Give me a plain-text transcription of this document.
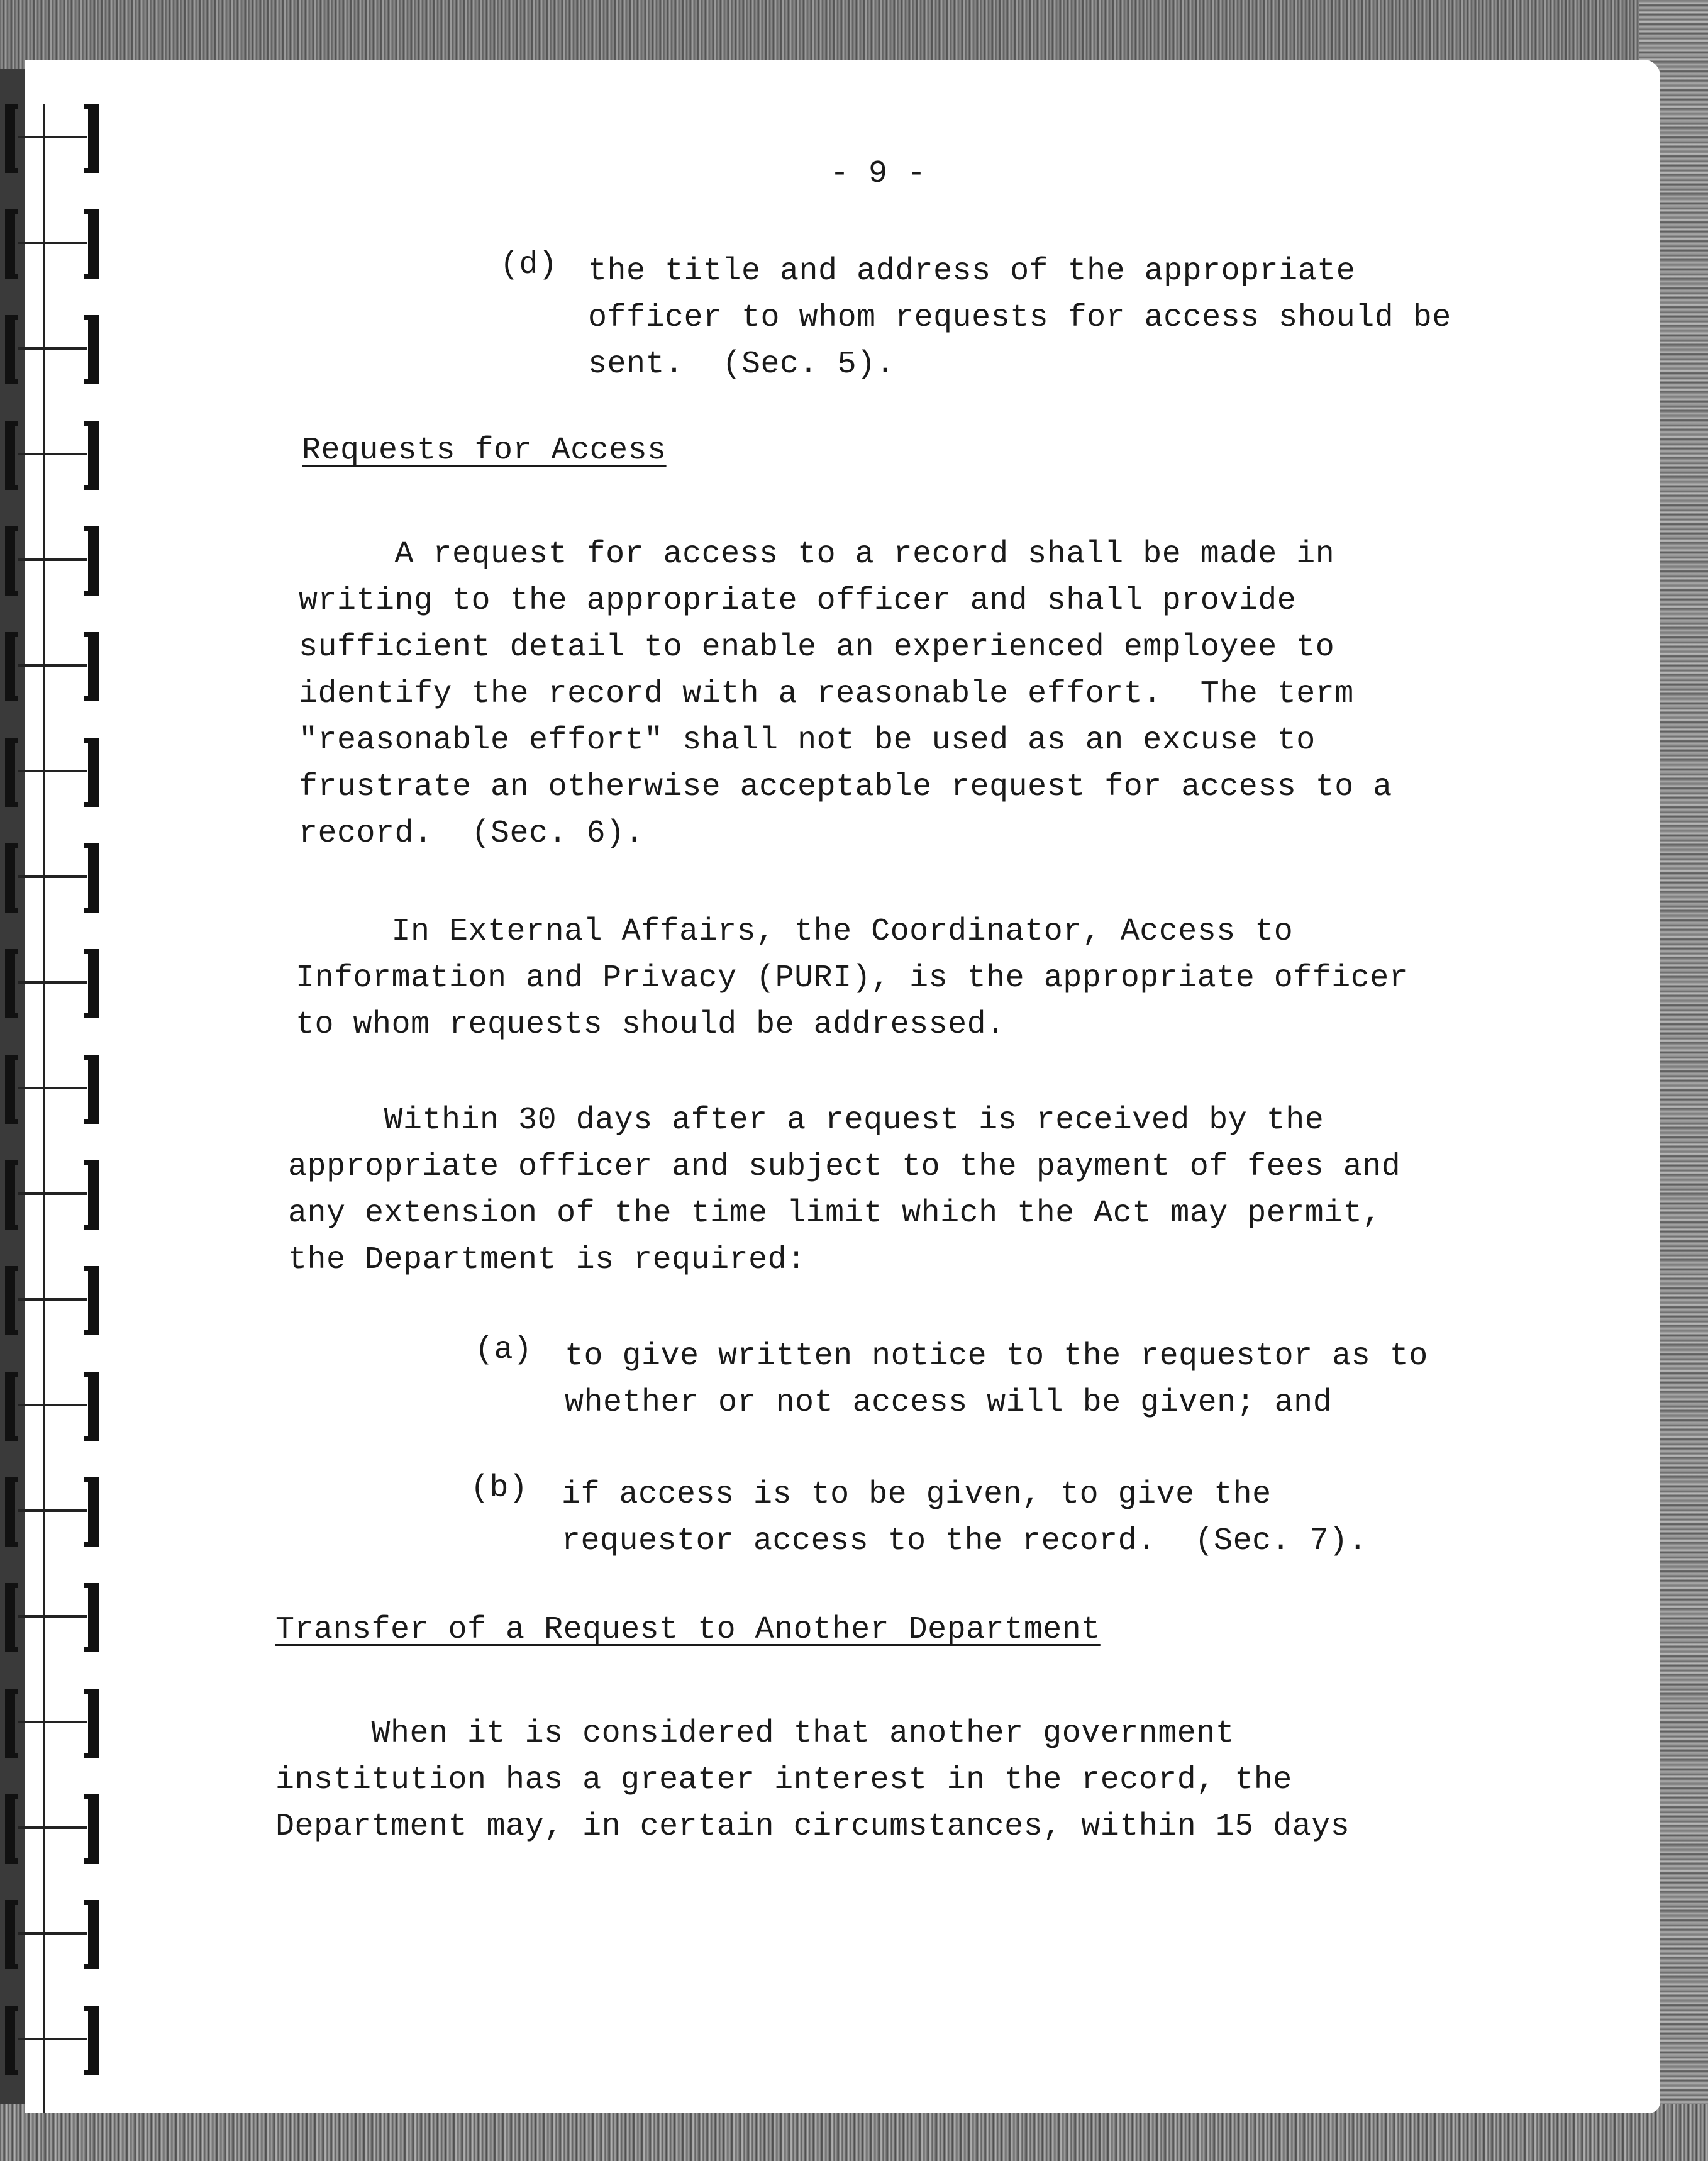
- 9 -
(d) the title and address of the appropriate
officer to whom requests for access should be
sent.  (Sec. 5).
Requests for Access
A request for access to a record shall be made in
writing to the appropriate officer and shall provide
sufficient detail to enable an experienced employee to
identify the record with a reasonable effort.  The term
"reasonable effort" shall not be used as an excuse to
frustrate an otherwise acceptable request for access to a
record.  (Sec. 6).
In External Affairs, the Coordinator, Access to
Information and Privacy (PURI), is the appropriate officer
to whom requests should be addressed.
Within 30 days after a request is received by the
appropriate officer and subject to the payment of fees and
any extension of the time limit which the Act may permit,
the Department is required:
(a) to give written notice to the requestor as to
whether or not access will be given; and
(b) if access is to be given, to give the
requestor access to the record.  (Sec. 7).
Transfer of a Request to Another Department
When it is considered that another government
institution has a greater interest in the record, the
Department may, in certain circumstances, within 15 days
